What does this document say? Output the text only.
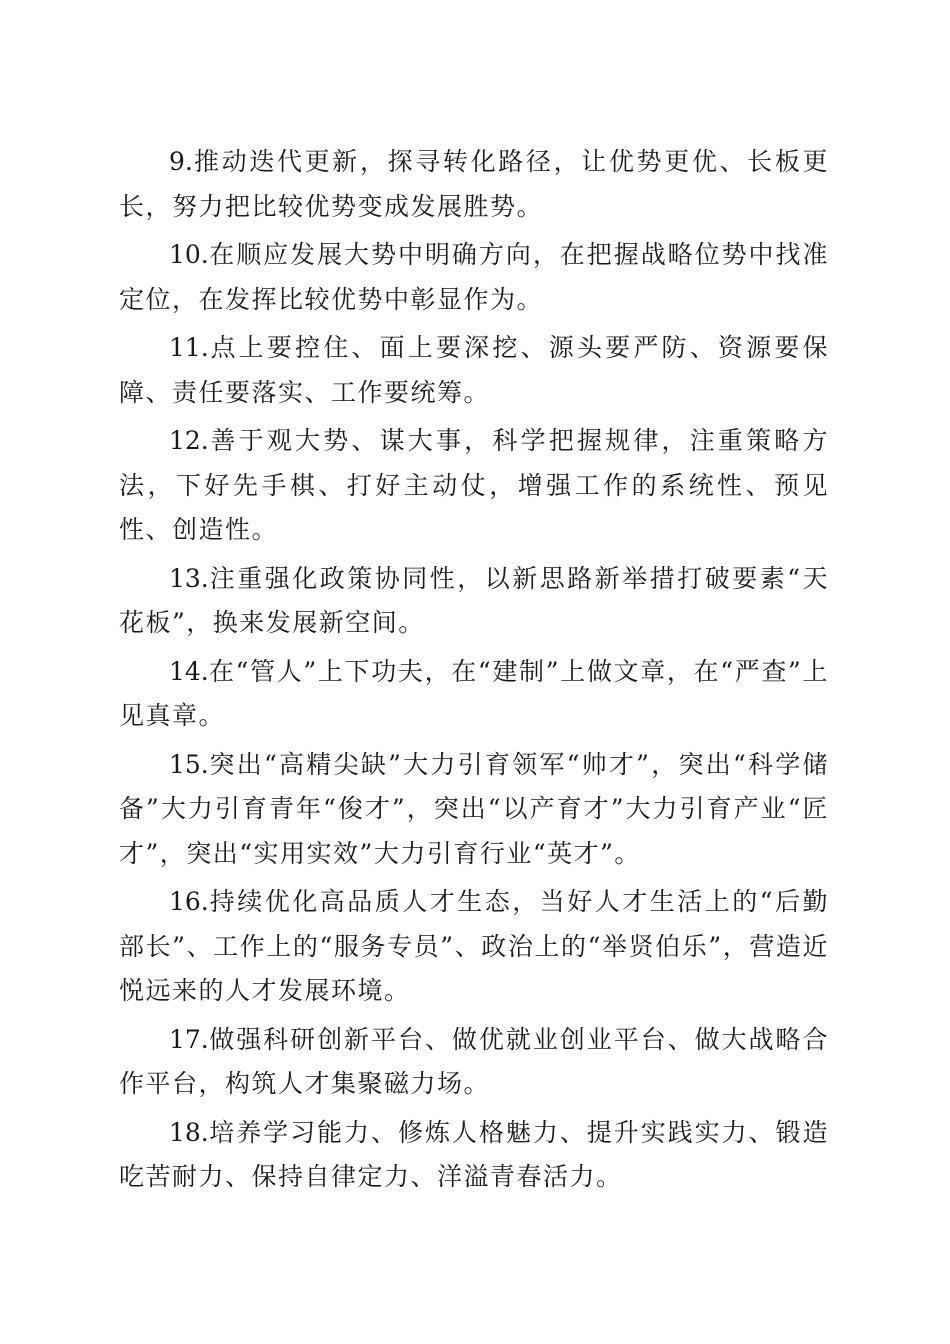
9.推动迭代更新，探寻转化路径，让优势更优、长板更长，努力把比较优势变成发展胜势。

10.在顺应发展大势中明确方向，在把握战略位势中找准定位，在发挥比较优势中彰显作为。

11.点上要控住、面上要深挖、源头要严防、资源要保障、责任要落实、工作要统筹。

12.善于观大势、谋大事，科学把握规律，注重策略方法，下好先手棋、打好主动仗，增强工作的系统性、预见性、创造性。

13.注重强化政策协同性，以新思路新举措打破要素“天花板”，换来发展新空间。

14.在“管人”上下功夫，在“建制”上做文章，在“严查”上见真章。

15.突出“高精尖缺”大力引育领军“帅才”，突出“科学储备”大力引育青年“俊才”，突出“以产育才”大力引育产业“匠才”，突出“实用实效”大力引育行业“英才”。

16.持续优化高品质人才生态，当好人才生活上的“后勤部长”、工作上的“服务专员”、政治上的“举贤伯乐”，营造近悦远来的人才发展环境。

17.做强科研创新平台、做优就业创业平台、做大战略合作平台，构筑人才集聚磁力场。

18.培养学习能力、修炼人格魅力、提升实践实力、锻造吃苦耐力、保持自律定力、洋溢青春活力。
